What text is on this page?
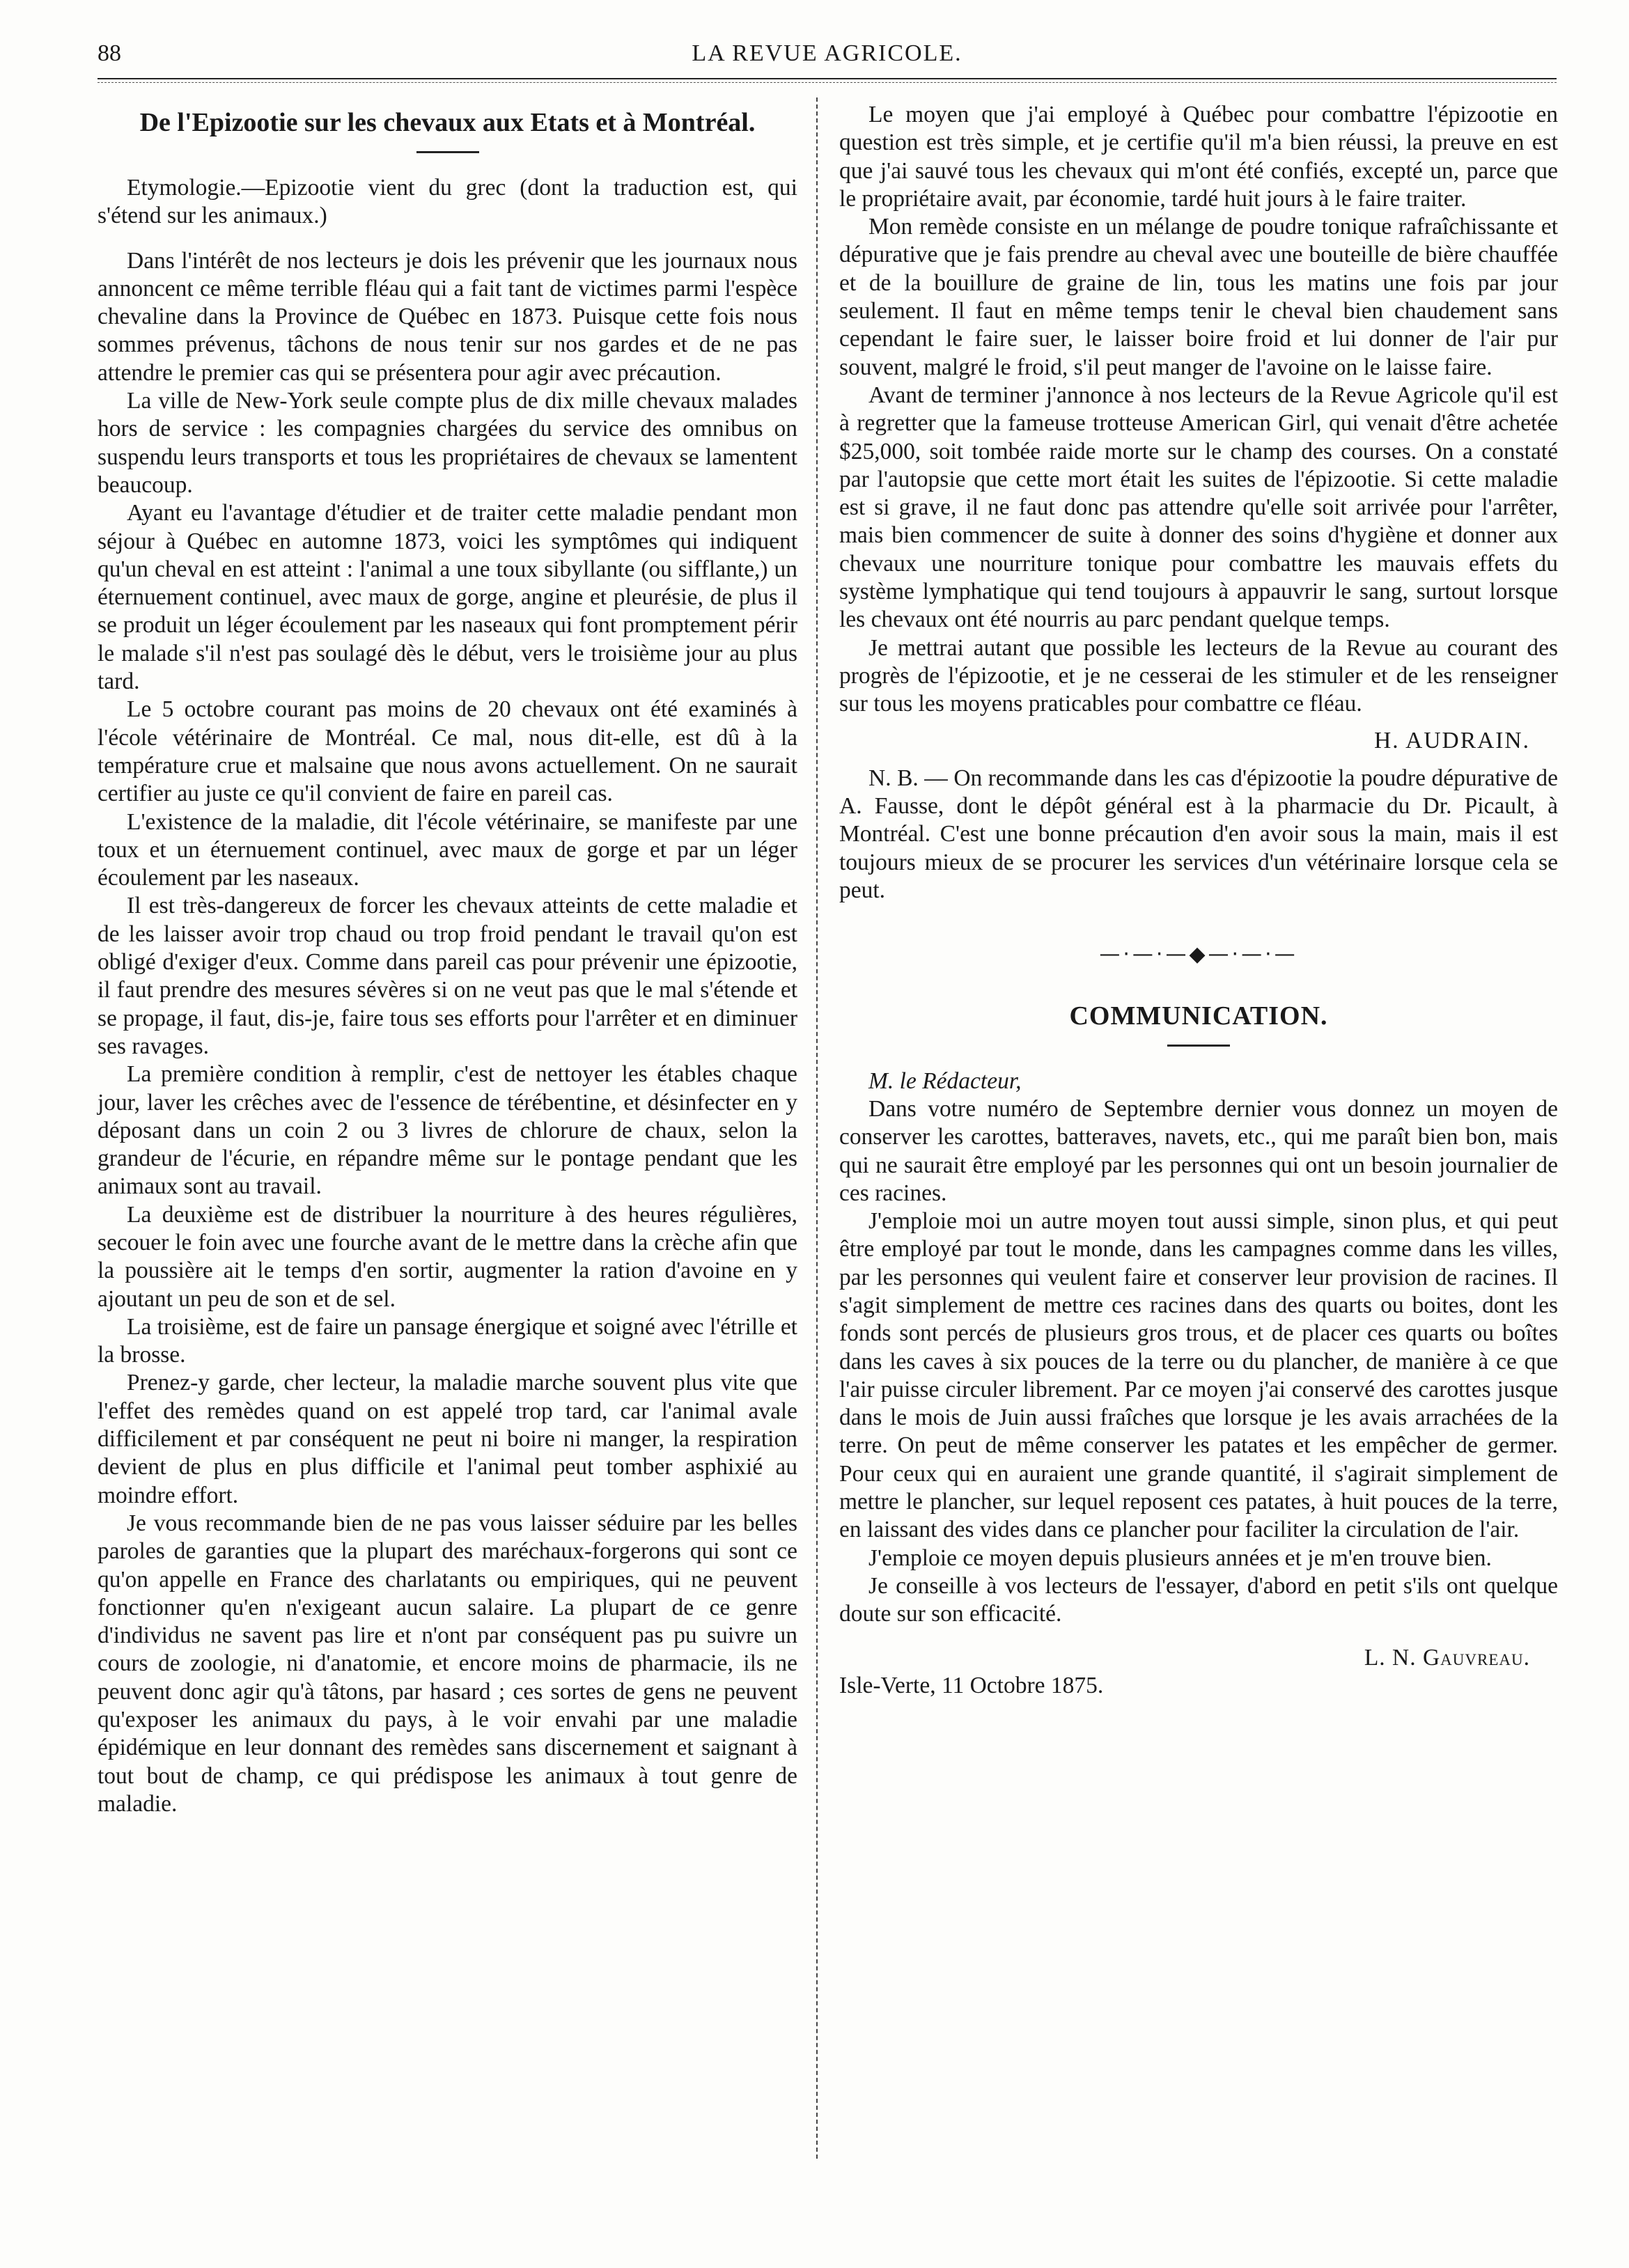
88	LA REVUE AGRICOLE.
De l'Epizootie sur les chevaux aux Etats et à Montréal.

Etymologie.—Epizootie vient du grec (dont la traduction est, qui s'étend sur les animaux.)

Dans l'intérêt de nos lecteurs je dois les prévenir que les journaux nous annoncent ce même terrible fléau qui a fait tant de victimes parmi l'espèce chevaline dans la Province de Québec en 1873. Puisque cette fois nous sommes prévenus, tâchons de nous tenir sur nos gardes et de ne pas attendre le premier cas qui se présentera pour agir avec précaution.

La ville de New-York seule compte plus de dix mille chevaux malades hors de service : les compagnies chargées du service des omnibus on suspendu leurs transports et tous les propriétaires de chevaux se lamentent beaucoup.

Ayant eu l'avantage d'étudier et de traiter cette maladie pendant mon séjour à Québec en automne 1873, voici les symptômes qui indiquent qu'un cheval en est atteint : l'animal a une toux sibyllante (ou sifflante,) un éternuement continuel, avec maux de gorge, angine et pleurésie, de plus il se produit un léger écoulement par les naseaux qui font promptement périr le malade s'il n'est pas soulagé dès le début, vers le troisième jour au plus tard.

Le 5 octobre courant pas moins de 20 chevaux ont été examinés à l'école vétérinaire de Montréal. Ce mal, nous dit-elle, est dû à la température crue et malsaine que nous avons actuellement. On ne saurait certifier au juste ce qu'il convient de faire en pareil cas.

L'existence de la maladie, dit l'école vétérinaire, se manifeste par une toux et un éternuement continuel, avec maux de gorge et par un léger écoulement par les naseaux.

Il est très-dangereux de forcer les chevaux atteints de cette maladie et de les laisser avoir trop chaud ou trop froid pendant le travail qu'on est obligé d'exiger d'eux. Comme dans pareil cas pour prévenir une épizootie, il faut prendre des mesures sévères si on ne veut pas que le mal s'étende et se propage, il faut, dis-je, faire tous ses efforts pour l'arrêter et en diminuer ses ravages.

La première condition à remplir, c'est de nettoyer les étables chaque jour, laver les crêches avec de l'essence de térébentine, et désinfecter en y déposant dans un coin 2 ou 3 livres de chlorure de chaux, selon la grandeur de l'écurie, en répandre même sur le pontage pendant que les animaux sont au travail.

La deuxième est de distribuer la nourriture à des heures régulières, secouer le foin avec une fourche avant de le mettre dans la crèche afin que la poussière ait le temps d'en sortir, augmenter la ration d'avoine en y ajoutant un peu de son et de sel.

La troisième, est de faire un pansage énergique et soigné avec l'étrille et la brosse.

Prenez-y garde, cher lecteur, la maladie marche souvent plus vite que l'effet des remèdes quand on est appelé trop tard, car l'animal avale difficilement et par conséquent ne peut ni boire ni manger, la respiration devient de plus en plus difficile et l'animal peut tomber asphixié au moindre effort.

Je vous recommande bien de ne pas vous laisser séduire par les belles paroles de garanties que la plupart des maréchaux-forgerons qui sont ce qu'on appelle en France des charlatants ou empiriques, qui ne peuvent fonctionner qu'en n'exigeant aucun salaire. La plupart de ce genre d'individus ne savent pas lire et n'ont par conséquent pas pu suivre un cours de zoologie, ni d'anatomie, et encore moins de pharmacie, ils ne peuvent donc agir qu'à tâtons, par hasard ; ces sortes de gens ne peuvent qu'exposer les animaux du pays, à le voir envahi par une maladie épidémique en leur donnant des remèdes sans discernement et saignant à tout bout de champ, ce qui prédispose les animaux à tout genre de maladie.

Le moyen que j'ai employé à Québec pour combattre l'épizootie en question est très simple, et je certifie qu'il m'a bien réussi, la preuve en est que j'ai sauvé tous les chevaux qui m'ont été confiés, excepté un, parce que le propriétaire avait, par économie, tardé huit jours à le faire traiter.

Mon remède consiste en un mélange de poudre tonique rafraîchissante et dépurative que je fais prendre au cheval avec une bouteille de bière chauffée et de la bouillure de graine de lin, tous les matins une fois par jour seulement. Il faut en même temps tenir le cheval bien chaudement sans cependant le faire suer, le laisser boire froid et lui donner de l'air pur souvent, malgré le froid, s'il peut manger de l'avoine on le laisse faire.

Avant de terminer j'annonce à nos lecteurs de la Revue Agricole qu'il est à regretter que la fameuse trotteuse American Girl, qui venait d'être achetée $25,000, soit tombée raide morte sur le champ des courses. On a constaté par l'autopsie que cette mort était les suites de l'épizootie. Si cette maladie est si grave, il ne faut donc pas attendre qu'elle soit arrivée pour l'arrêter, mais bien commencer de suite à donner des soins d'hygiène et donner aux chevaux une nourriture tonique pour combattre les mauvais effets du système lymphatique qui tend toujours à appauvrir le sang, surtout lorsque les chevaux ont été nourris au parc pendant quelque temps.

Je mettrai autant que possible les lecteurs de la Revue au courant des progrès de l'épizootie, et je ne cesserai de les stimuler et de les renseigner sur tous les moyens praticables pour combattre ce fléau.

H. AUDRAIN.

N. B. — On recommande dans les cas d'épizootie la poudre dépurative de A. Fausse, dont le dépôt général est à la pharmacie du Dr. Picault, à Montréal. C'est une bonne précaution d'en avoir sous la main, mais il est toujours mieux de se procurer les services d'un vétérinaire lorsque cela se peut.

—·—·—◆—·—·—
COMMUNICATION.

M. le Rédacteur,

Dans votre numéro de Septembre dernier vous donnez un moyen de conserver les carottes, batteraves, navets, etc., qui me paraît bien bon, mais qui ne saurait être employé par les personnes qui ont un besoin journalier de ces racines.

J'emploie moi un autre moyen tout aussi simple, sinon plus, et qui peut être employé par tout le monde, dans les campagnes comme dans les villes, par les personnes qui veulent faire et conserver leur provision de racines. Il s'agit simplement de mettre ces racines dans des quarts ou boites, dont les fonds sont percés de plusieurs gros trous, et de placer ces quarts ou boîtes dans les caves à six pouces de la terre ou du plancher, de manière à ce que l'air puisse circuler librement. Par ce moyen j'ai conservé des carottes jusque dans le mois de Juin aussi fraîches que lorsque je les avais arrachées de la terre. On peut de même conserver les patates et les empêcher de germer. Pour ceux qui en auraient une grande quantité, il s'agirait simplement de mettre le plancher, sur lequel reposent ces patates, à huit pouces de la terre, en laissant des vides dans ce plancher pour faciliter la circulation de l'air.

J'emploie ce moyen depuis plusieurs années et je m'en trouve bien.

Je conseille à vos lecteurs de l'essayer, d'abord en petit s'ils ont quelque doute sur son efficacité.

L. N. Gauvreau.

Isle-Verte, 11 Octobre 1875.
